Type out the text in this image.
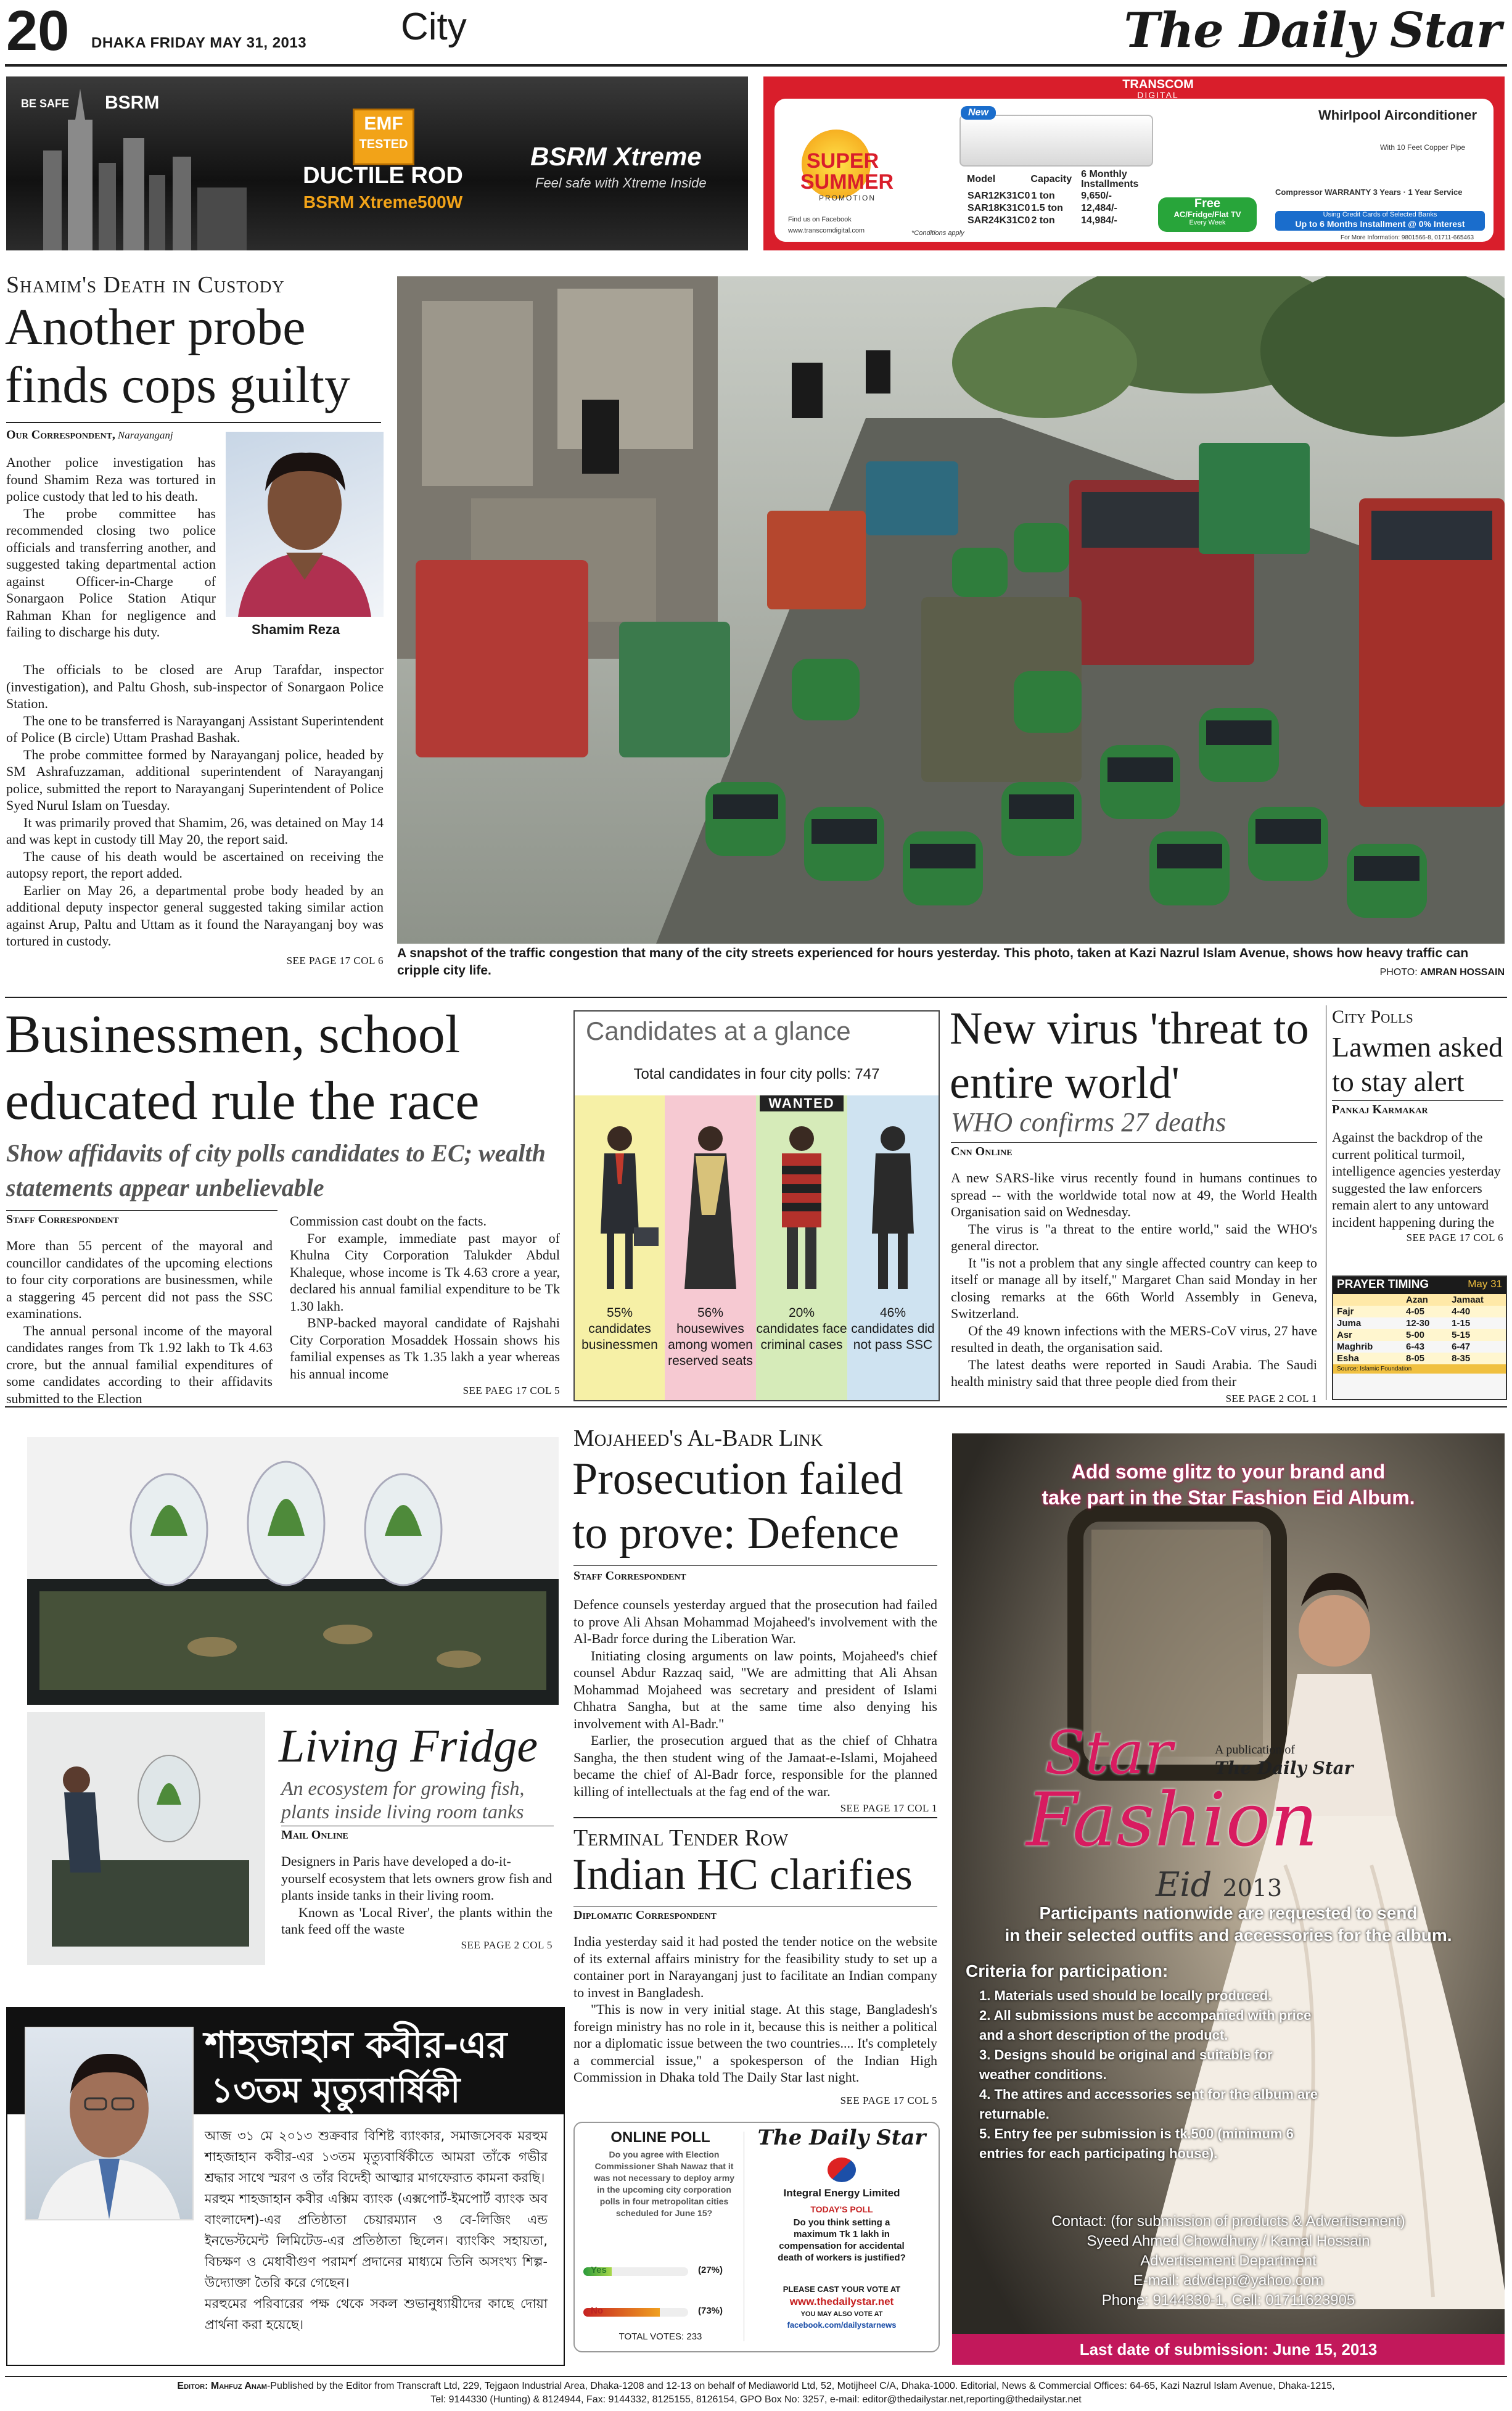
20 DHAKA FRIDAY MAY 31, 2013 City	The Daily Star
BE SAFE BSRM
EMF
TESTED
DUCTILE ROD
BSRM Xtreme500W
BSRM Xtreme
Feel safe with Xtreme Inside
TRANSCOM
DIGITAL
SUPER
SUMMER
PROMOTION
Find us on Facebook
www.transcomdigital.com	*Conditions apply
New
Model	Capacity	6 Monthly Installments
SAR12K31C0	1 ton	9,650/-
SAR18K31C0	1.5 ton	12,484/-
SAR24K31C0	2 ton	14,984/-
Free
AC/Fridge/Flat TV
Every Week
Whirlpool Airconditioner
With 10 Feet Copper Pipe
Compressor WARRANTY 3 Years · 1 Year Service
Using Credit Cards of Selected Banks
Up to 6 Months Installment @ 0% Interest
For More Information: 9801566-8, 01711-665463
Shamim's Death in Custody
Another probe finds cops guilty
Our Correspondent, Narayanganj
Shamim Reza

Another police investigation has found Shamim Reza was tortured in police custody that led to his death.

The probe committee has recommended closing two police officials and transferring another, and suggested taking departmental action against Officer-in-Charge of Sonargaon Police Station Atiqur Rahman Khan for negligence and failing to discharge his duty.

The officials to be closed are Arup Tarafdar, inspector (investigation), and Paltu Ghosh, sub-inspector of Sonargaon Police Station.

The one to be transferred is Narayanganj Assistant Superintendent of Police (B circle) Uttam Prashad Bashak.

The probe committee formed by Narayanganj police, headed by SM Ashrafuzzaman, additional superintendent of Narayanganj police, submitted the report to Narayanganj Superintendent of Police Syed Nurul Islam on Tuesday.

It was primarily proved that Shamim, 26, was detained on May 14 and was kept in custody till May 20, the report said.

The cause of his death would be ascertained on receiving the autopsy report, the report added.

Earlier on May 26, a departmental probe body headed by an additional deputy inspector general suggested taking similar action against Arup, Paltu and Uttam as it found the Narayanganj boy was tortured in custody.

SEE PAGE 17 COL 6 A snapshot of the traffic congestion that many of the city streets experienced for hours yesterday. This photo, taken at Kazi Nazrul Islam Avenue, shows how heavy traffic can cripple city life.	PHOTO: AMRAN HOSSAIN
Businessmen, school educated rule the race
Show affidavits of city polls candidates to EC; wealth statements appear unbelievable
Staff Correspondent

More than 55 percent of the mayoral and councillor candidates of the upcoming elections to four city corporations are businessmen, while a staggering 45 percent did not pass the SSC examinations.

The annual personal income of the mayoral candidates ranges from Tk 1.92 lakh to Tk 4.63 crore, but the annual familial expenditures of some candidates according to their affidavits submitted to the Election

Commission cast doubt on the facts.

For example, immediate past mayor of Khulna City Corporation Talukder Abdul Khaleque, whose income is Tk 4.63 crore a year, declared his annual familial expenditure to be Tk 1.30 lakh.

BNP-backed mayoral candidate of Rajshahi City Corporation Mosaddek Hossain shows his familial expenses as Tk 1.35 lakh a year whereas his annual income

SEE PAEG 17 COL 5
Candidates at a glance
Total candidates in four city polls: 747
WANTED
55%
candidates businessmen
56%
housewives among women reserved seats
20%
candidates face criminal cases
46%
candidates did not pass SSC
New virus 'threat to entire world'
WHO confirms 27 deaths
Cnn Online

A new SARS-like virus recently found in humans continues to spread -- with the worldwide total now at 49, the World Health Organisation said on Wednesday.

The virus is "a threat to the entire world," said the WHO's general director.

It "is not a problem that any single affected country can keep to itself or manage all by itself," Margaret Chan said Monday in her closing remarks at the 66th World Assembly in Geneva, Switzerland.

Of the 49 known infections with the MERS-CoV virus, 27 have resulted in death, the organisation said.

The latest deaths were reported in Saudi Arabia. The Saudi health ministry said that three people died from their

SEE PAGE 2 COL 1
City Polls
Lawmen asked to stay alert
Pankaj Karmakar

Against the backdrop of the current political turmoil, intelligence agencies yesterday suggested the law enforcers remain alert to any untoward incident happening during the

SEE PAGE 17 COL 6
PRAYER TIMING	May 31
	Azan	Jamaat
Fajr	4-05	4-40
Juma	12-30	1-15
Asr	5-00	5-15
Maghrib	6-43	6-47
Esha	8-05	8-35
Source: Islamic Foundation
Living Fridge
An ecosystem for growing fish, plants inside living room tanks
Mail Online

Designers in Paris have developed a do-it-yourself ecosystem that lets owners grow fish and plants inside tanks in their living room.

Known as 'Local River', the plants within the tank feed off the waste

SEE PAGE 2 COL 5
Mojaheed's Al-Badr Link
Prosecution failed to prove: Defence
Staff Correspondent

Defence counsels yesterday argued that the prosecution had failed to prove Ali Ahsan Mohammad Mojaheed's involvement with the Al-Badr force during the Liberation War.

Initiating closing arguments on law points, Mojaheed's chief counsel Abdur Razzaq said, "We are admitting that Ali Ahsan Mohammad Mojaheed was secretary and president of Islami Chhatra Sangha, but at the same time also denying his involvement with Al-Badr."

Earlier, the prosecution argued that as the chief of Chhatra Sangha, the then student wing of the Jamaat-e-Islami, Mojaheed became the chief of Al-Badr force, responsible for the planned killing of intellectuals at the fag end of the war.

SEE PAGE 17 COL 1
Terminal Tender Row
Indian HC clarifies
Diplomatic Correspondent

India yesterday said it had posted the tender notice on the website of its external affairs ministry for the feasibility study to set up a container port in Narayanganj just to facilitate an Indian company to invest in Bangladesh.

"This is now in very initial stage. At this stage, Bangladesh's foreign ministry has no role in it, because this is neither a political nor a diplomatic issue between the two countries.... It's completely a commercial issue," a spokesperson of the Indian High Commission in Dhaka told The Daily Star last night.

SEE PAGE 17 COL 5
ONLINE POLL
Do you agree with Election Commissioner Shah Nawaz that it was not necessary to deploy army in the upcoming city corporation polls in four metropolitan cities scheduled for June 15?
Yes	(27%)
No	(73%)
TOTAL VOTES: 233
The Daily Star
Integral Energy Limited
TODAY'S POLL
Do you think setting a maximum Tk 1 lakh in compensation for accidental death of workers is justified?
PLEASE CAST YOUR VOTE AT
www.thedailystar.net
YOU MAY ALSO VOTE AT
facebook.com/dailystarnews
শাহজাহান কবীর-এর
১৩তম মৃত্যুবার্ষিকী

আজ ৩১ মে ২০১৩ শুক্রবার বিশিষ্ট ব্যাংকার, সমাজসেবক মরহুম শাহজাহান কবীর-এর ১৩তম মৃত্যুবার্ষিকীতে আমরা তাঁকে গভীর শ্রদ্ধার সাথে স্মরণ ও তাঁর বিদেহী আত্মার মাগফেরাত কামনা করছি।

মরহুম শাহজাহান কবীর এক্সিম ব্যাংক (এক্সপোর্ট-ইমপোর্ট ব্যাংক অব বাংলাদেশ)-এর প্রতিষ্ঠাতা চেয়ারম্যান ও বে-লিজিং এন্ড ইনভেস্টমেন্ট লিমিটেড-এর প্রতিষ্ঠাতা ছিলেন। ব্যাংকিং সহায়তা, বিচক্ষণ ও মেধাবীগুণ পরামর্শ প্রদানের মাধ্যমে তিনি অসংখ্য শিল্প-উদ্যোক্তা তৈরি করে গেছেন।

মরহুমের পরিবারের পক্ষ থেকে সকল শুভানুধ্যায়ীদের কাছে দোয়া প্রার্থনা করা হয়েছে।

Add some glitz to your brand and
take part in the Star Fashion Eid Album.
Star
Fashion
Eid 2013
A publication of
The Daily Star
Participants nationwide are requested to send
in their selected outfits and accessories for the album.
Criteria for participation:
1. Materials used should be locally produced.
2. All submissions must be accompanied with price and a short description of the product.
3. Designs should be original and suitable for weather conditions.
4. The attires and accessories sent for the album are returnable.
5. Entry fee per submission is tk.500 (minimum 6 entries for each participating house).
Contact: (for submission of products & Advertisement)
Syeed Ahmed Chowdhury / Kamal Hossain
Advertisement Department
E-mail: advdept@yahoo.com
Phone: 9144330-1, Cell: 01711623905
Last date of submission: June 15, 2013
Editor: Mahfuz Anam-Published by the Editor from Transcraft Ltd, 229, Tejgaon Industrial Area, Dhaka-1208 and 12-13 on behalf of Mediaworld Ltd, 52, Motijheel C/A, Dhaka-1000. Editorial, News & Commercial Offices: 64-65, Kazi Nazrul Islam Avenue, Dhaka-1215,
Tel: 9144330 (Hunting) & 8124944, Fax: 9144332, 8125155, 8126154, GPO Box No: 3257, e-mail: editor@thedailystar.net,reporting@thedailystar.net
